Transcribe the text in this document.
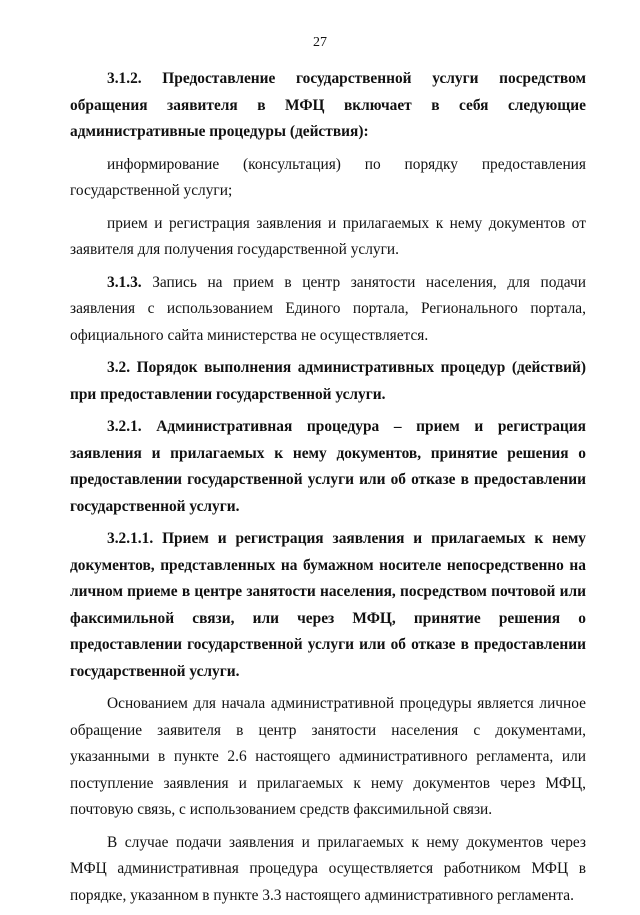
27

3.1.2. Предоставление государственной услуги посредством обращения заявителя в МФЦ включает в себя следующие административные процедуры (действия):

информирование (консультация) по порядку предоставления государственной услуги;

прием и регистрация заявления и прилагаемых к нему документов от заявителя для получения государственной услуги.

3.1.3. Запись на прием в центр занятости населения, для подачи заявления с использованием Единого портала, Регионального портала, официального сайта министерства не осуществляется.

3.2. Порядок выполнения административных процедур (действий) при предоставлении государственной услуги.

3.2.1. Административная процедура – прием и регистрация заявления и прилагаемых к нему документов, принятие решения о предоставлении государственной услуги или об отказе в предоставлении государственной услуги.

3.2.1.1. Прием и регистрация заявления и прилагаемых к нему документов, представленных на бумажном носителе непосредственно на личном приеме в центре занятости населения, посредством почтовой или факсимильной связи, или через МФЦ, принятие решения о предоставлении государственной услуги или об отказе в предоставлении государственной услуги.

Основанием для начала административной процедуры является личное обращение заявителя в центр занятости населения с документами, указанными в пункте 2.6 настоящего административного регламента, или поступление заявления и прилагаемых к нему документов через МФЦ, почтовую связь, с использованием средств факсимильной связи.

В случае подачи заявления и прилагаемых к нему документов через МФЦ административная процедура осуществляется работником МФЦ в порядке, указанном в пункте 3.3 настоящего административного регламента.
